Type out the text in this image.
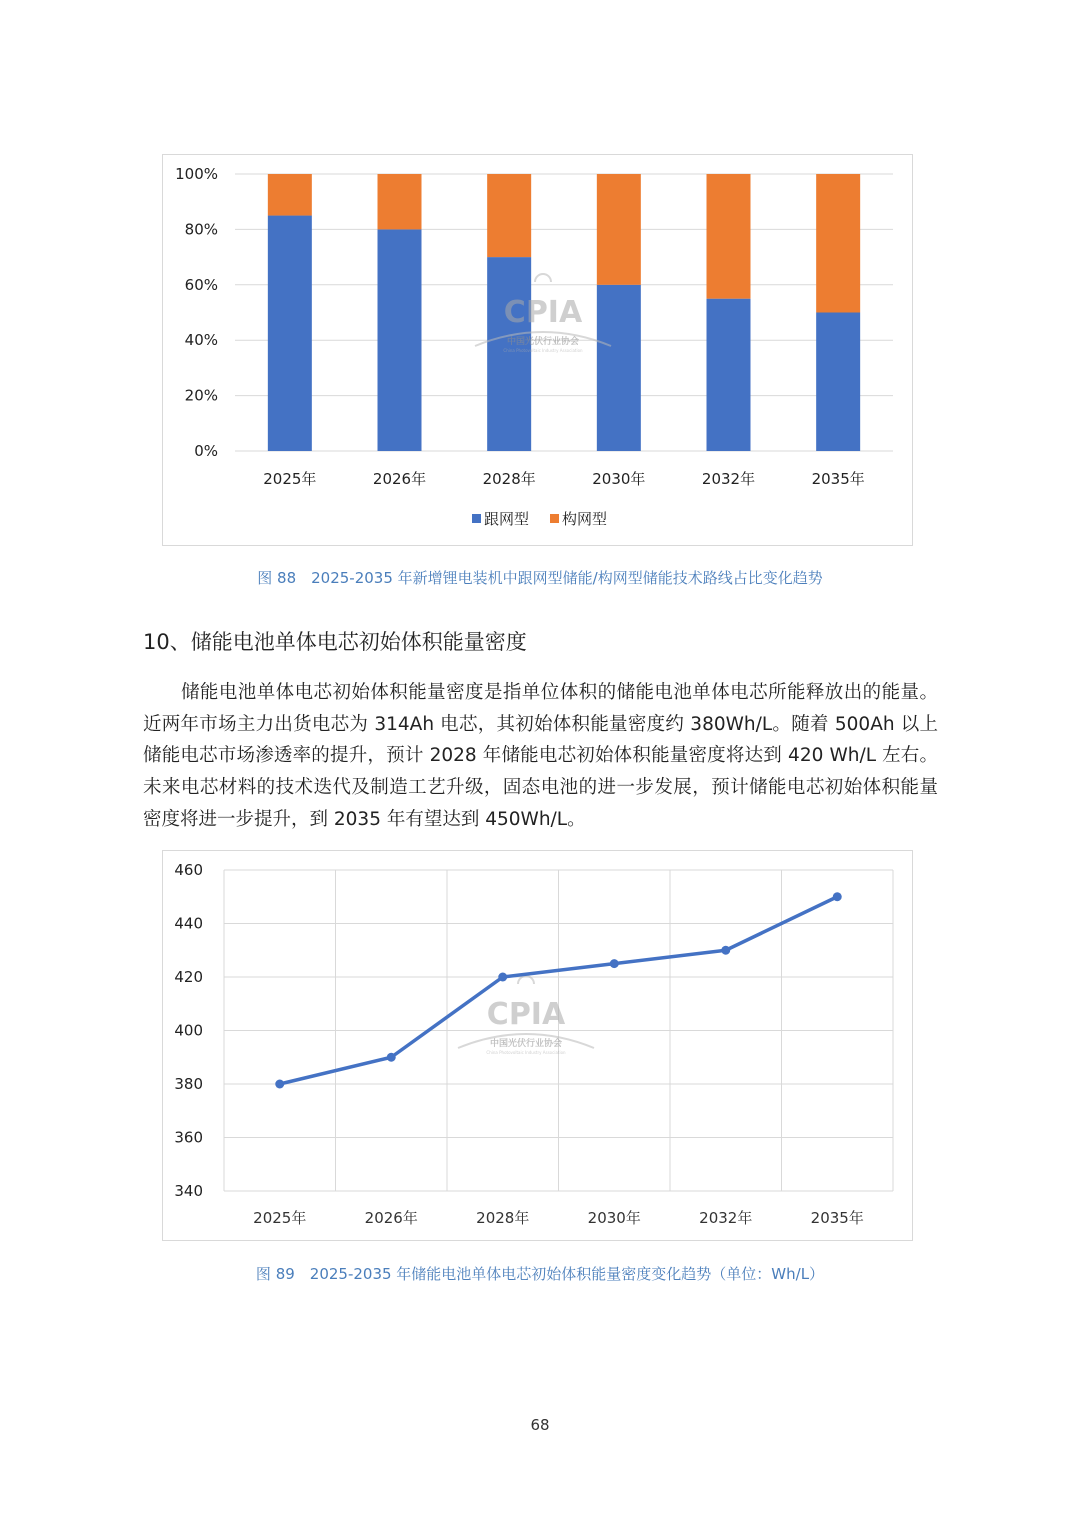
0%
20%
40%
60%
80%
100%
2025年	2026年	2028年	2030年	2032年	2035年
跟网型 构网型
CPIA
中国光伏行业协会
China Photovoltaic Industry Association
图 88　2025-2035 年新增锂电装机中跟网型储能/构网型储能技术路线占比变化趋势
10、储能电池单体电芯初始体积能量密度
储能电池单体电芯初始体积能量密度是指单位体积的储能电池单体电芯所能释放出的能量。近两年市场主力出货电芯为 314Ah 电芯，其初始体积能量密度约 380Wh/L。随着 500Ah 以上储能电芯市场渗透率的提升，预计 2028 年储能电芯初始体积能量密度将达到 420 Wh/L 左右。未来电芯材料的技术迭代及制造工艺升级，固态电池的进一步发展，预计储能电芯初始体积能量密度将进一步提升，到 2035 年有望达到 450Wh/L。
340
360
380
400
420
440
460
CPIA
中国光伏行业协会
China Photovoltaic Industry Association
2025年	2026年	2028年	2030年	2032年	2035年
图 89　2025-2035 年储能电池单体电芯初始体积能量密度变化趋势（单位：Wh/L）
68
